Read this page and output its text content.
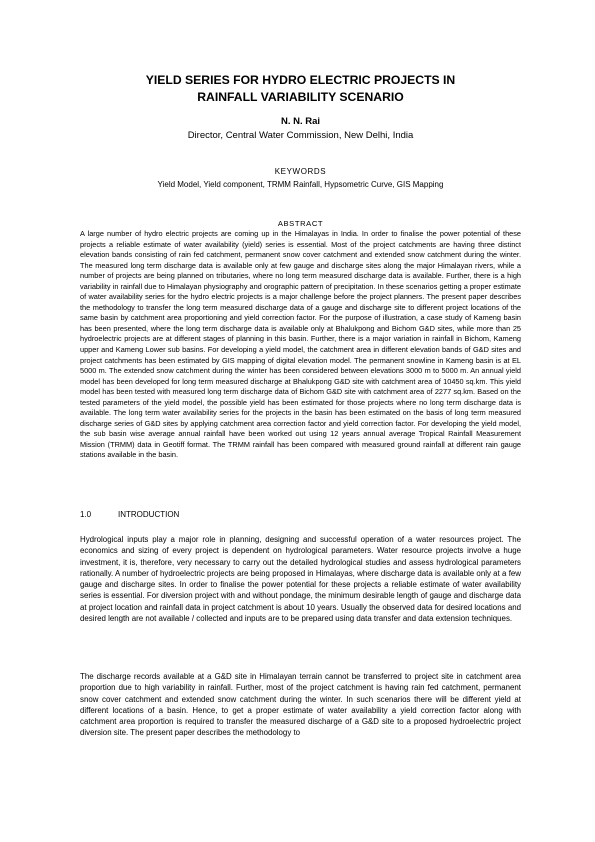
YIELD SERIES FOR HYDRO ELECTRIC PROJECTS IN
RAINFALL VARIABILITY SCENARIO
N. N. Rai
Director, Central Water Commission, New Delhi, India
KEYWORDS
Yield Model, Yield component, TRMM Rainfall, Hypsometric Curve, GIS Mapping
ABSTRACT
A large number of hydro electric projects are coming up in the Himalayas in India. In order to finalise the power potential of these projects a reliable estimate of water availability (yield) series is essential. Most of the project catchments are having three distinct elevation bands consisting of rain fed catchment, permanent snow cover catchment and extended snow catchment during the winter. The measured long term discharge data is available only at few gauge and discharge sites along the major Himalayan rivers, while a number of projects are being planned on tributaries, where no long term measured discharge data is available. Further, there is a high variability in rainfall due to Himalayan physiography and orographic pattern of precipitation. In these scenarios getting a proper estimate of water availability series for the hydro electric projects is a major challenge before the project planners. The present paper describes the methodology to transfer the long term measured discharge data of a gauge and discharge site to different project locations of the same basin by catchment area proportioning and yield correction factor. For the purpose of illustration, a case study of Kameng basin has been presented, where the long term discharge data is available only at Bhalukpong and Bichom G&D sites, while more than 25 hydroelectric projects are at different stages of planning in this basin. Further, there is a major variation in rainfall in Bichom, Kameng upper and Kameng Lower sub basins. For developing a yield model, the catchment area in different elevation bands of G&D sites and project catchments has been estimated by GIS mapping of digital elevation model. The permanent snowline in Kameng basin is at EL 5000 m. The extended snow catchment during the winter has been considered between elevations 3000 m to 5000 m. An annual yield model has been developed for long term measured discharge at Bhalukpong G&D site with catchment area of 10450 sq.km. This yield model has been tested with measured long term discharge data of Bichom G&D site with catchment area of 2277 sq.km. Based on the tested parameters of the yield model, the possible yield has been estimated for those projects where no long term discharge data is available. The long term water availability series for the projects in the basin has been estimated on the basis of long term measured discharge series of G&D sites by applying catchment area correction factor and yield correction factor. For developing the yield model, the sub basin wise average annual rainfall have been worked out using 12 years annual average Tropical Rainfall Measurement Mission (TRMM) data in Geotiff format. The TRMM rainfall has been compared with measured ground rainfall at different rain gauge stations available in the basin.
1.0	INTRODUCTION
Hydrological inputs play a major role in planning, designing and successful operation of a water resources project. The economics and sizing of every project is dependent on hydrological parameters. Water resource projects involve a huge investment, it is, therefore, very necessary to carry out the detailed hydrological studies and assess hydrological parameters rationally. A number of hydroelectric projects are being proposed in Himalayas, where discharge data is available only at a few gauge and discharge sites. In order to finalise the power potential for these projects a reliable estimate of water availability series is essential. For diversion project with and without pondage, the minimum desirable length of gauge and discharge data at project location and rainfall data in project catchment is about 10 years. Usually the observed data for desired locations and desired length are not available / collected and inputs are to be prepared using data transfer and data extension techniques.
The discharge records available at a G&D site in Himalayan terrain cannot be transferred to project site in catchment area proportion due to high variability in rainfall. Further, most of the project catchment is having rain fed catchment, permanent snow cover catchment and extended snow catchment during the winter. In such scenarios there will be different yield at different locations of a basin. Hence, to get a proper estimate of water availability a yield correction factor along with catchment area proportion is required to transfer the measured discharge of a G&D site to a proposed hydroelectric project diversion site. The present paper describes the methodology to
